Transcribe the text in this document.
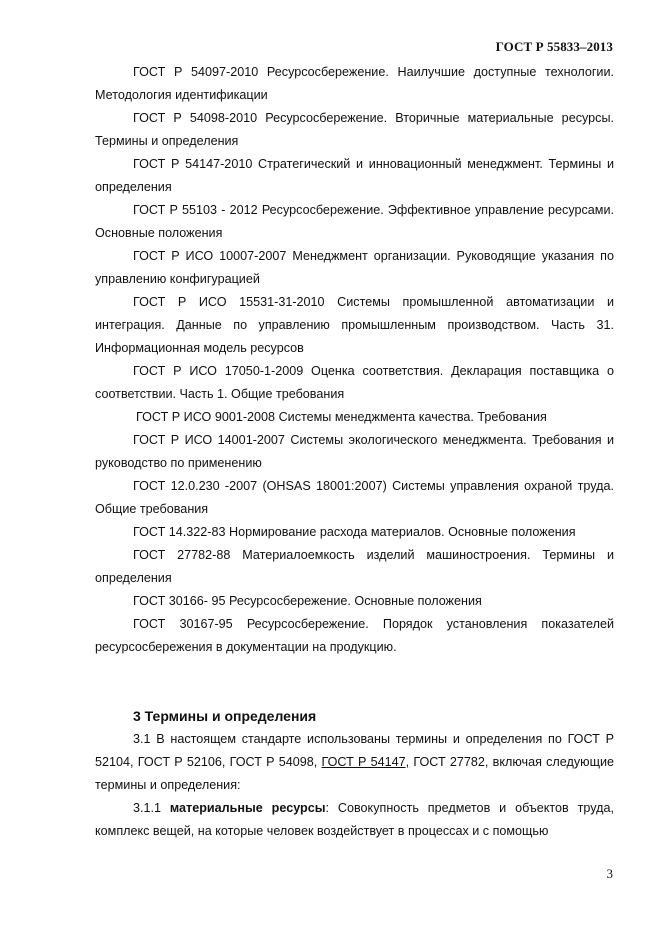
ГОСТ Р 55833–2013

ГОСТ Р 54097-2010 Ресурсосбережение. Наилучшие доступные технологии. Методология идентификации

ГОСТ Р 54098-2010 Ресурсосбережение. Вторичные материальные ресурсы. Термины и определения

ГОСТ Р 54147-2010 Стратегический и инновационный менеджмент. Термины и определения

ГОСТ Р 55103 - 2012 Ресурсосбережение. Эффективное управление ресурсами. Основные положения

ГОСТ Р ИСО 10007-2007 Менеджмент организации. Руководящие указания по управлению конфигурацией

ГОСТ Р ИСО 15531-31-2010 Системы промышленной автоматизации и интеграция. Данные по управлению промышленным производством. Часть 31. Информационная модель ресурсов

ГОСТ Р ИСО 17050-1-2009 Оценка соответствия. Декларация поставщика о соответствии. Часть 1. Общие требования

ГОСТ Р ИСО 9001-2008 Системы менеджмента качества. Требования

ГОСТ Р ИСО 14001-2007 Системы экологического менеджмента. Требования и руководство по применению

ГОСТ 12.0.230 -2007 (OHSAS 18001:2007) Системы управления охраной труда. Общие требования

ГОСТ 14.322-83 Нормирование расхода материалов. Основные положения

ГОСТ 27782-88 Материалоемкость изделий машиностроения. Термины и определения

ГОСТ 30166- 95 Ресурсосбережение. Основные положения

ГОСТ 30167-95 Ресурсосбережение. Порядок установления показателей ресурсосбережения в документации на продукцию.

3 Термины и определения

3.1 В настоящем стандарте использованы термины и определения по ГОСТ Р 52104, ГОСТ Р 52106, ГОСТ Р 54098, ГОСТ Р 54147, ГОСТ 27782, включая следующие термины и определения:

3.1.1 материальные ресурсы: Совокупность предметов и объектов труда, комплекс вещей, на которые человек воздействует в процессах и с помощью

3
